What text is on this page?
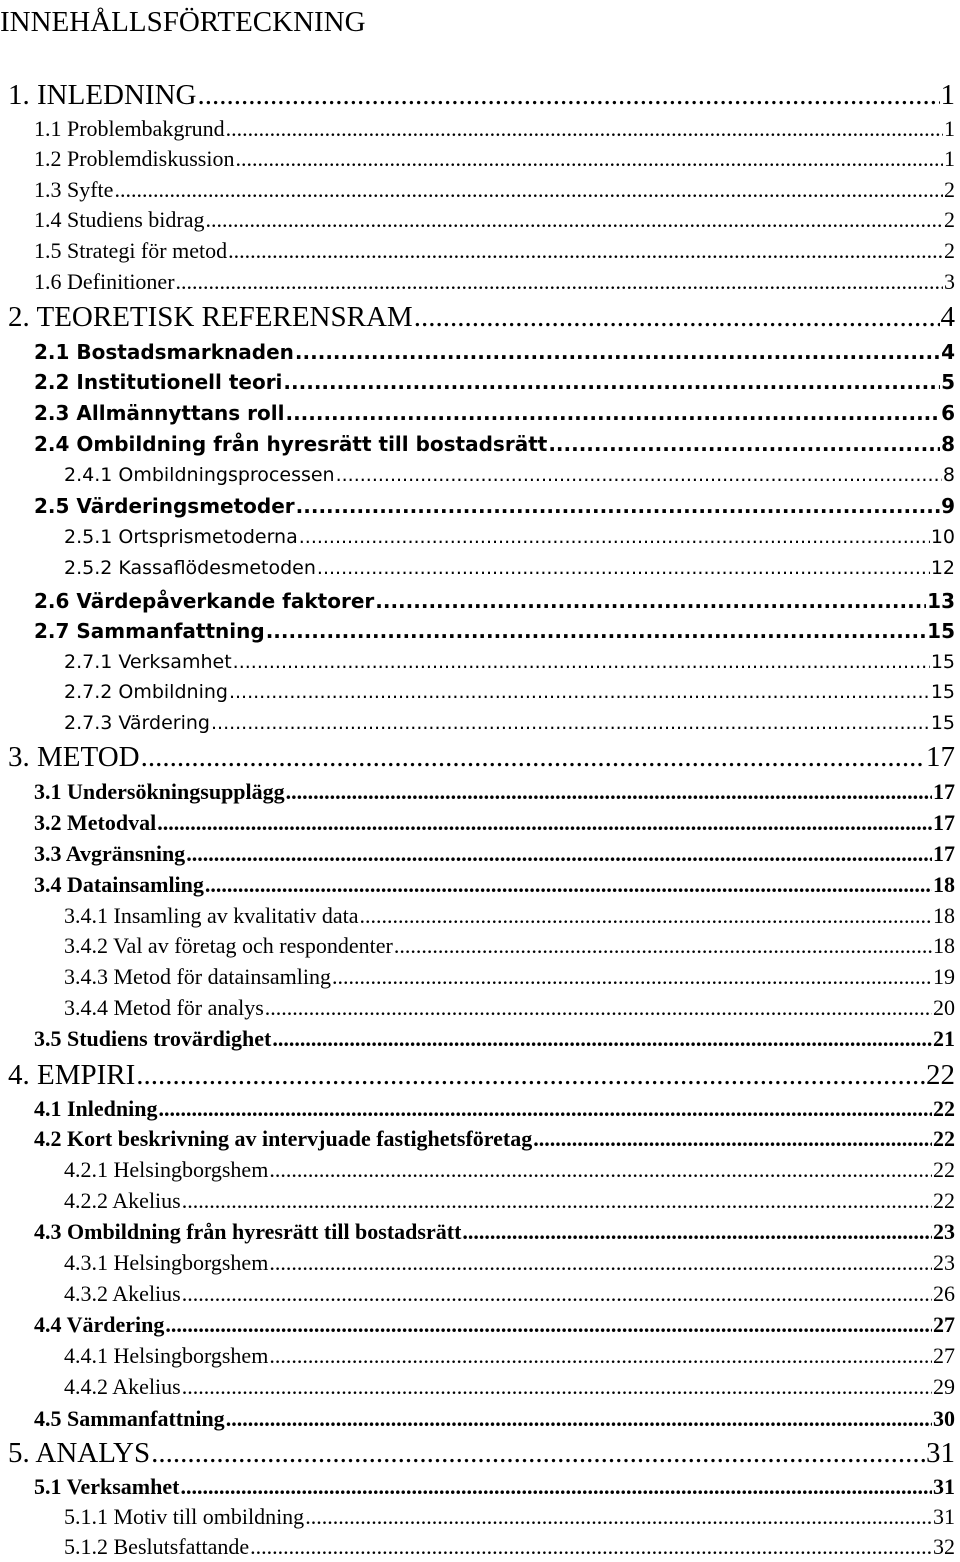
INNEHÅLLSFÖRTECKNING
1. INLEDNING .....	1
1.1 Problembakgrund .....	1
1.2 Problemdiskussion .....	1
1.3 Syfte .....	2
1.4 Studiens bidrag .....	2
1.5 Strategi för metod .....	2
1.6 Definitioner .....	3
2. TEORETISK REFERENSRAM .....	4
2.1 Bostadsmarknaden .....	4
2.2 Institutionell teori .....	5
2.3 Allmännyttans roll .....	6
2.4 Ombildning från hyresrätt till bostadsrätt .....	8
2.4.1 Ombildningsprocessen .....	8
2.5 Värderingsmetoder .....	9
2.5.1 Ortsprismetoderna .....	10
2.5.2 Kassaflödesmetoden .....	12
2.6 Värdepåverkande faktorer .....	13
2.7 Sammanfattning .....	15
2.7.1 Verksamhet .....	15
2.7.2 Ombildning .....	15
2.7.3 Värdering .....	15
3. METOD .....	17
3.1 Undersökningsupplägg .....	17
3.2 Metodval .....	17
3.3 Avgränsning .....	17
3.4 Datainsamling .....	18
3.4.1 Insamling av kvalitativ data .....	18
3.4.2 Val av företag och respondenter .....	18
3.4.3 Metod för datainsamling .....	19
3.4.4 Metod för analys .....	20
3.5 Studiens trovärdighet .....	21
4. EMPIRI .....	22
4.1 Inledning .....	22
4.2 Kort beskrivning av intervjuade fastighetsföretag .....	22
4.2.1 Helsingborgshem .....	22
4.2.2 Akelius .....	22
4.3 Ombildning från hyresrätt till bostadsrätt .....	23
4.3.1 Helsingborgshem .....	23
4.3.2 Akelius .....	26
4.4 Värdering .....	27
4.4.1 Helsingborgshem .....	27
4.4.2 Akelius .....	29
4.5 Sammanfattning .....	30
5. ANALYS .....	31
5.1 Verksamhet .....	31
5.1.1 Motiv till ombildning .....	31
5.1.2 Beslutsfattande .....	32
